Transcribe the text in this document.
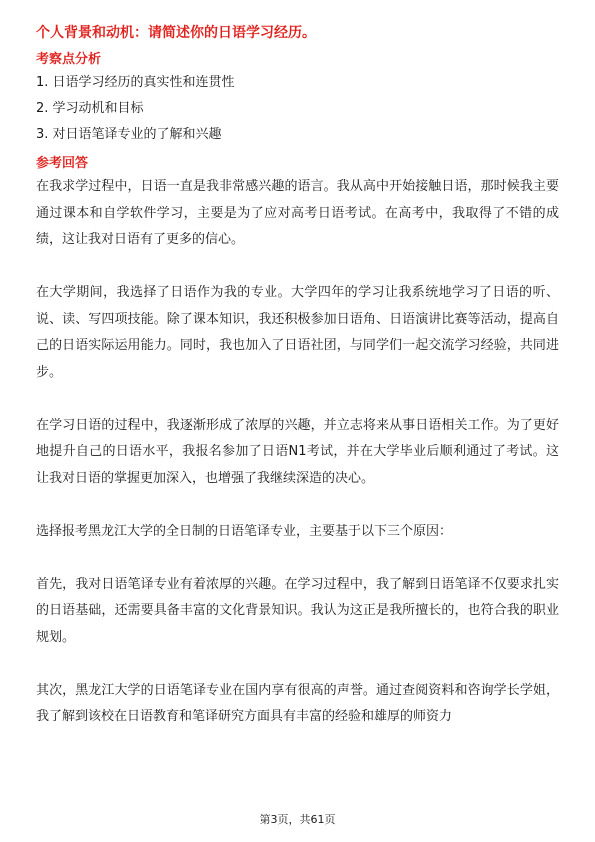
个人背景和动机：请简述你的日语学习经历。
考察点分析
1. 日语学习经历的真实性和连贯性
2. 学习动机和目标
3. 对日语笔译专业的了解和兴趣
参考回答

在我求学过程中，日语一直是我非常感兴趣的语言。我从高中开始接触日语，那时候我主要通过课本和自学软件学习，主要是为了应对高考日语考试。在高考中，我取得了不错的成绩，这让我对日语有了更多的信心。

在大学期间，我选择了日语作为我的专业。大学四年的学习让我系统地学习了日语的听、说、读、写四项技能。除了课本知识，我还积极参加日语角、日语演讲比赛等活动，提高自己的日语实际运用能力。同时，我也加入了日语社团，与同学们一起交流学习经验，共同进步。

在学习日语的过程中，我逐渐形成了浓厚的兴趣，并立志将来从事日语相关工作。为了更好地提升自己的日语水平，我报名参加了日语N1考试，并在大学毕业后顺利通过了考试。这让我对日语的掌握更加深入，也增强了我继续深造的决心。

选择报考黑龙江大学的全日制的日语笔译专业，主要基于以下三个原因：

首先，我对日语笔译专业有着浓厚的兴趣。在学习过程中，我了解到日语笔译不仅要求扎实的日语基础，还需要具备丰富的文化背景知识。我认为这正是我所擅长的，也符合我的职业规划。

其次，黑龙江大学的日语笔译专业在国内享有很高的声誉。通过查阅资料和咨询学长学姐，我了解到该校在日语教育和笔译研究方面具有丰富的经验和雄厚的师资力

第3页，共61页
